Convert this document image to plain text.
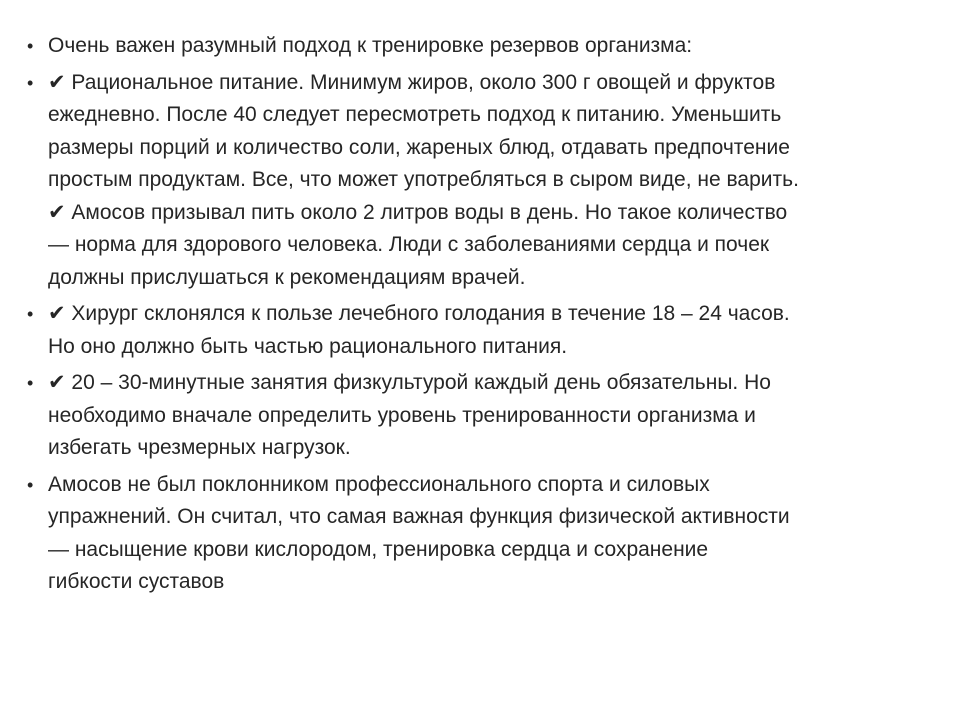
• Очень важен разумный подход к тренировке резервов организма:
• ✔ Рациональное питание. Минимум жиров, около 300 г овощей и фруктов
ежедневно. После 40 следует пересмотреть подход к питанию. Уменьшить
размеры порций и количество соли, жареных блюд, отдавать предпочтение
простым продуктам. Все, что может употребляться в сыром виде, не варить.
✔ Амосов призывал пить около 2 литров воды в день. Но такое количество
— норма для здорового человека. Люди с заболеваниями сердца и почек
должны прислушаться к рекомендациям врачей.
• ✔ Хирург склонялся к пользе лечебного голодания в течение 18 – 24 часов.
Но оно должно быть частью рационального питания.
• ✔ 20 – 30-минутные занятия физкультурой каждый день обязательны. Но
необходимо вначале определить уровень тренированности организма и
избегать чрезмерных нагрузок.
• Амосов не был поклонником профессионального спорта и силовых
упражнений. Он считал, что самая важная функция физической активности
— насыщение крови кислородом, тренировка сердца и сохранение
гибкости суставов
